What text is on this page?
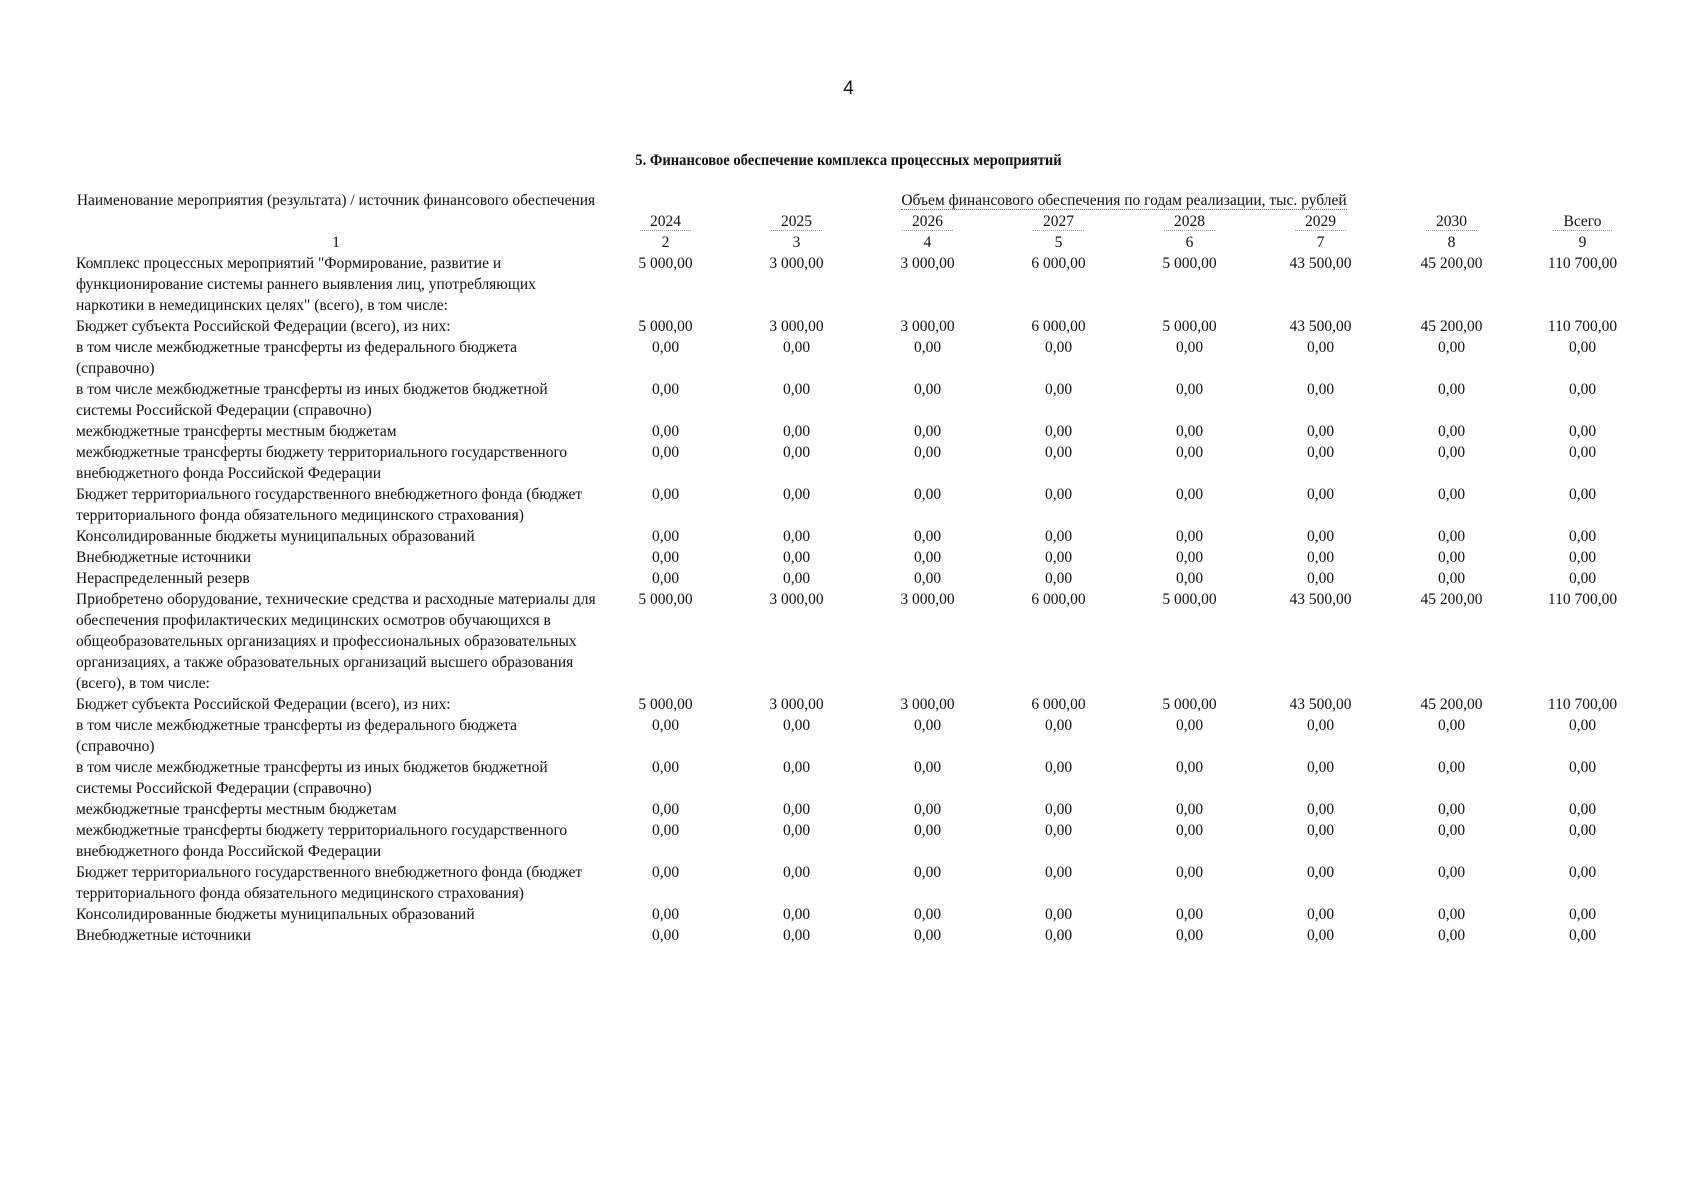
4
5. Финансовое обеспечение комплекса процессных мероприятий
Наименование мероприятия (результата) / источник финансового обеспечения	Объем финансового обеспечения по годам реализации, тыс. рублей							
	2024	2025	2026	2027	2028	2029	2030	Всего
1	2	3	4	5	6	7	8	9
Комплекс процессных мероприятий "Формирование, развитие и функционирование системы раннего выявления лиц, употребляющих наркотики в немедицинских целях" (всего), в том числе:	5 000,00	3 000,00	3 000,00	6 000,00	5 000,00	43 500,00	45 200,00	110 700,00
Бюджет субъекта Российской Федерации (всего), из них:	5 000,00	3 000,00	3 000,00	6 000,00	5 000,00	43 500,00	45 200,00	110 700,00
в том числе межбюджетные трансферты из федерального бюджета (справочно)	0,00	0,00	0,00	0,00	0,00	0,00	0,00	0,00
в том числе межбюджетные трансферты из иных бюджетов бюджетной системы Российской Федерации (справочно)	0,00	0,00	0,00	0,00	0,00	0,00	0,00	0,00
межбюджетные трансферты местным бюджетам	0,00	0,00	0,00	0,00	0,00	0,00	0,00	0,00
межбюджетные трансферты бюджету территориального государственного внебюджетного фонда Российской Федерации	0,00	0,00	0,00	0,00	0,00	0,00	0,00	0,00
Бюджет территориального государственного внебюджетного фонда (бюджет территориального фонда обязательного медицинского страхования)	0,00	0,00	0,00	0,00	0,00	0,00	0,00	0,00
Консолидированные бюджеты муниципальных образований	0,00	0,00	0,00	0,00	0,00	0,00	0,00	0,00
Внебюджетные источники	0,00	0,00	0,00	0,00	0,00	0,00	0,00	0,00
Нераспределенный резерв	0,00	0,00	0,00	0,00	0,00	0,00	0,00	0,00
Приобретено оборудование, технические средства и расходные материалы для обеспечения профилактических медицинских осмотров обучающихся в общеобразовательных организациях и профессиональных образовательных организациях, а также образовательных организаций высшего образования (всего), в том числе:	5 000,00	3 000,00	3 000,00	6 000,00	5 000,00	43 500,00	45 200,00	110 700,00
Бюджет субъекта Российской Федерации (всего), из них:	5 000,00	3 000,00	3 000,00	6 000,00	5 000,00	43 500,00	45 200,00	110 700,00
в том числе межбюджетные трансферты из федерального бюджета (справочно)	0,00	0,00	0,00	0,00	0,00	0,00	0,00	0,00
в том числе межбюджетные трансферты из иных бюджетов бюджетной системы Российской Федерации (справочно)	0,00	0,00	0,00	0,00	0,00	0,00	0,00	0,00
межбюджетные трансферты местным бюджетам	0,00	0,00	0,00	0,00	0,00	0,00	0,00	0,00
межбюджетные трансферты бюджету территориального государственного внебюджетного фонда Российской Федерации	0,00	0,00	0,00	0,00	0,00	0,00	0,00	0,00
Бюджет территориального государственного внебюджетного фонда (бюджет территориального фонда обязательного медицинского страхования)	0,00	0,00	0,00	0,00	0,00	0,00	0,00	0,00
Консолидированные бюджеты муниципальных образований	0,00	0,00	0,00	0,00	0,00	0,00	0,00	0,00
Внебюджетные источники	0,00	0,00	0,00	0,00	0,00	0,00	0,00	0,00
